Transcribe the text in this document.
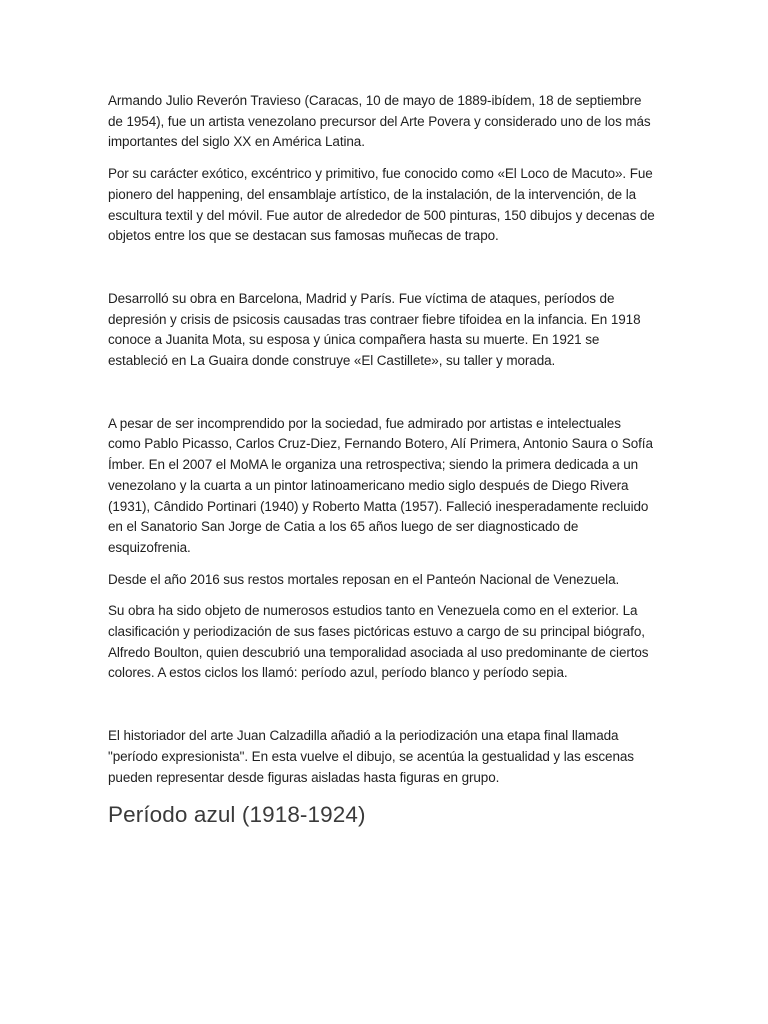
Armando Julio Reverón Travieso (Caracas, 10 de mayo de 1889-ibídem, 18 de septiembre de 1954), fue un artista venezolano precursor del Arte Povera y considerado uno de los más importantes del siglo XX en América Latina.

Por su carácter exótico, excéntrico y primitivo, fue conocido como «El Loco de Macuto». Fue pionero del happening, del ensamblaje artístico, de la instalación, de la intervención, de la escultura textil y del móvil. Fue autor de alrededor de 500 pinturas, 150 dibujos y decenas de objetos entre los que se destacan sus famosas muñecas de trapo.

Desarrolló su obra en Barcelona, Madrid y París. Fue víctima de ataques, períodos de depresión y crisis de psicosis causadas tras contraer fiebre tifoidea en la infancia. En 1918 conoce a Juanita Mota, su esposa y única compañera hasta su muerte. En 1921 se estableció en La Guaira donde construye «El Castillete», su taller y morada.

A pesar de ser incomprendido por la sociedad, fue admirado por artistas e intelectuales como Pablo Picasso, Carlos Cruz-Diez, Fernando Botero, Alí Primera, Antonio Saura o Sofía Ímber. En el 2007 el MoMA le organiza una retrospectiva; siendo la primera dedicada a un venezolano y la cuarta a un pintor latinoamericano medio siglo después de Diego Rivera (1931), Cândido Portinari (1940) y Roberto Matta (1957). Falleció inesperadamente recluido en el Sanatorio San Jorge de Catia a los 65 años luego de ser diagnosticado de esquizofrenia.

Desde el año 2016 sus restos mortales reposan en el Panteón Nacional de Venezuela.

Su obra ha sido objeto de numerosos estudios tanto en Venezuela como en el exterior. La clasificación y periodización de sus fases pictóricas estuvo a cargo de su principal biógrafo, Alfredo Boulton, quien descubrió una temporalidad asociada al uso predominante de ciertos colores. A estos ciclos los llamó: período azul, período blanco y período sepia.

El historiador del arte Juan Calzadilla añadió a la periodización una etapa final llamada "período expresionista". En esta vuelve el dibujo, se acentúa la gestualidad y las escenas pueden representar desde figuras aisladas hasta figuras en grupo.

Período azul (1918-1924)
